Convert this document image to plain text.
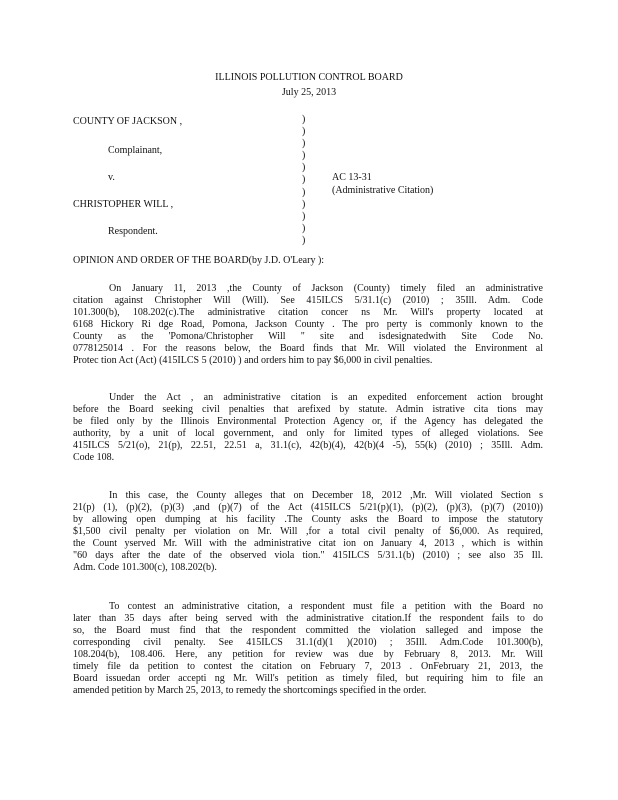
ILLINOIS POLLUTION CONTROL BOARD
July 25, 2013
COUNTY OF JACKSON ,
Complainant,
v.
CHRISTOPHER WILL ,
Respondent.
)
)
)
)
)
)
)
)
)
)
)
AC 13-31
(Administrative Citation)
OPINION AND ORDER OF THE BOARD(by J.D. O'Leary ):
On January 11, 2013 ,the County of Jackson (County) timely filed an administrative
citation against Christopher Will (Will). See 415ILCS 5/31.1(c) (2010) ; 35Ill. Adm. Code
101.300(b), 108.202(c).The administrative citation concer ns Mr. Will's property located at
6168 Hickory Ri dge Road, Pomona, Jackson County . The pro perty is commonly known to the
County as the 'Pomona/Christopher Will " site and isdesignatedwith Site Code No.
0778125014 . For the reasons below, the Board finds that Mr. Will violated the Environment al
Protec tion Act (Act) (415ILCS 5 (2010) ) and orders him to pay $6,000 in civil penalties.
Under the Act , an administrative citation is an expedited enforcement action brought
before the Board seeking civil penalties that arefixed by statute. Admin istrative cita tions may
be filed only by the Illinois Environmental Protection Agency or, if the Agency has delegated the
authority, by a unit of local government, and only for limited types of alleged violations. See
415ILCS 5/21(o), 21(p), 22.51, 22.51 a, 31.1(c), 42(b)(4), 42(b)(4 -5), 55(k) (2010) ; 35Ill. Adm.
Code 108.
In this case, the County alleges that on December 18, 2012 ,Mr. Will violated Section s
21(p) (1), (p)(2), (p)(3) ,and (p)(7) of the Act (415ILCS 5/21(p)(1), (p)(2), (p)(3), (p)(7) (2010))
by allowing open dumping at his facility .The County asks the Board to impose the statutory
$1,500 civil penalty per violation on Mr. Will ,for a total civil penalty of $6,000. As required,
the Count yserved Mr. Will with the administrative citat ion on January 4, 2013 , which is within
"60 days after the date of the observed viola tion." 415ILCS 5/31.1(b) (2010) ; see also 35 Ill.
Adm. Code 101.300(c), 108.202(b).
To contest an administrative citation, a respondent must file a petition with the Board no
later than 35 days after being served with the administrative citation.If the respondent fails to do
so, the Board must find that the respondent committed the violation salleged and impose the
corresponding civil penalty. See 415ILCS 31.1(d)(1 )(2010) ; 35Ill. Adm.Code 101.300(b),
108.204(b), 108.406. Here, any petition for review was due by February 8, 2013. Mr. Will
timely file da petition to contest the citation on February 7, 2013 . OnFebruary 21, 2013, the
Board issuedan order accepti ng Mr. Will's petition as timely filed, but requiring him to file an
amended petition by March 25, 2013, to remedy the shortcomings specified in the order.
